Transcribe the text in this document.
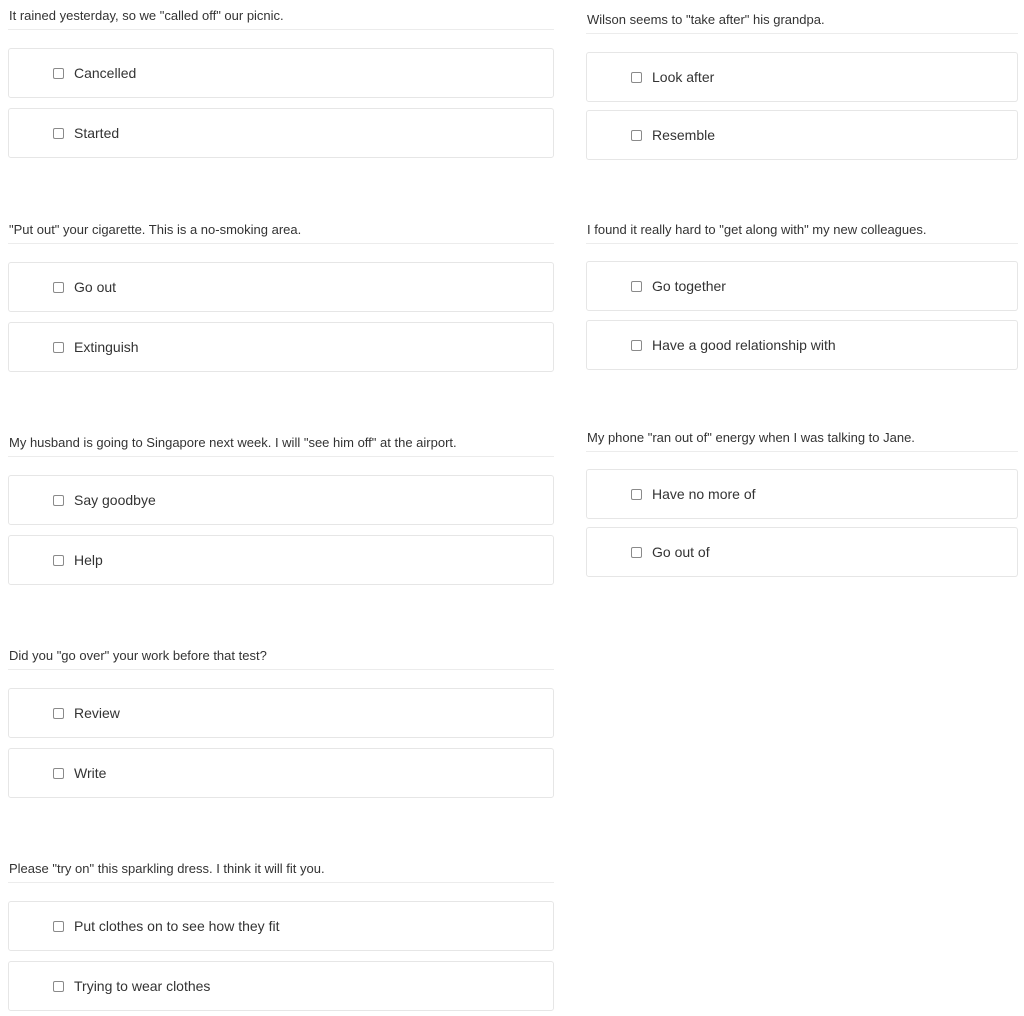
It rained yesterday, so we "called off" our picnic.
Cancelled
Started
"Put out" your cigarette. This is a no-smoking area.
Go out
Extinguish
My husband is going to Singapore next week. I will "see him off" at the airport.
Say goodbye
Help
Did you "go over" your work before that test?
Review
Write
Please "try on" this sparkling dress. I think it will fit you.
Put clothes on to see how they fit
Trying to wear clothes
Wilson seems to "take after" his grandpa.
Look after
Resemble
I found it really hard to "get along with" my new colleagues.
Go together
Have a good relationship with
My phone "ran out of" energy when I was talking to Jane.
Have no more of
Go out of
